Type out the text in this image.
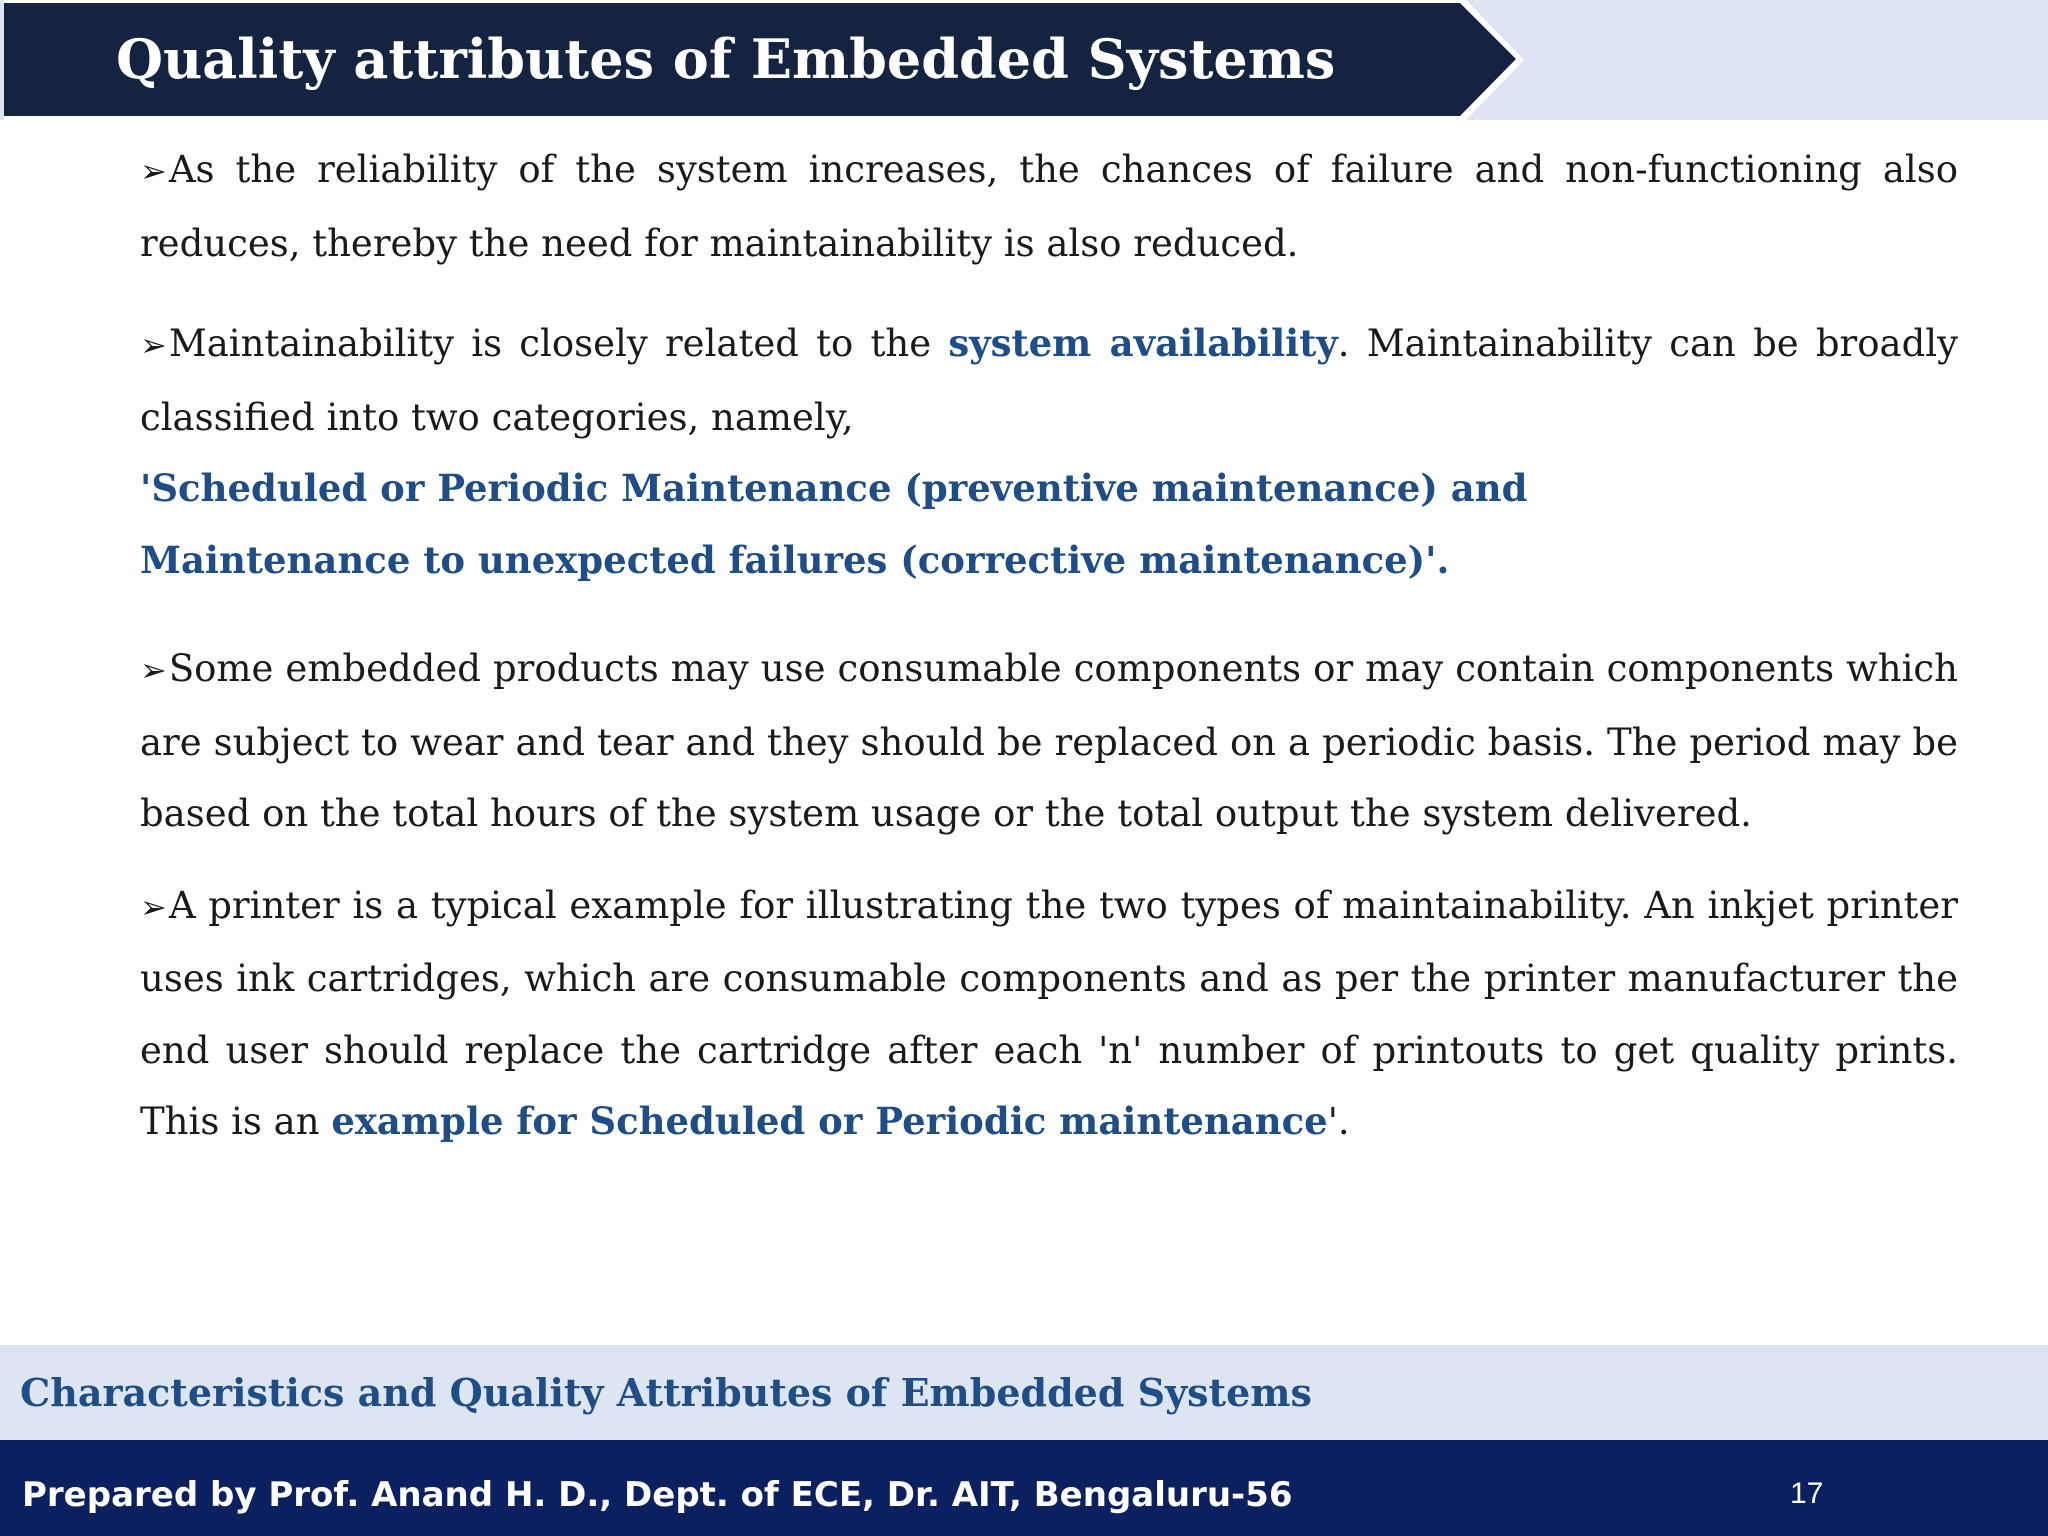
Quality attributes of Embedded Systems

➢As the reliability of the system increases, the chances of failure and non-functioning also reduces, thereby the need for maintainability is also reduced.

➢Maintainability is closely related to the system availability. Maintainability can be broadly classified into two categories, namely,

'Scheduled or Periodic Maintenance (preventive maintenance) and

Maintenance to unexpected failures (corrective maintenance)'.

➢Some embedded products may use consumable components or may contain components which are subject to wear and tear and they should be replaced on a periodic basis. The period may be based on the total hours of the system usage or the total output the system delivered.

➢A printer is a typical example for illustrating the two types of maintainability. An inkjet printer uses ink cartridges, which are consumable components and as per the printer manufacturer the end user should replace the cartridge after each 'n' number of printouts to get quality prints. This is an example for Scheduled or Periodic maintenance'.

Characteristics and Quality Attributes of Embedded Systems
Prepared by Prof. Anand H. D., Dept. of ECE, Dr. AIT, Bengaluru-56	17
